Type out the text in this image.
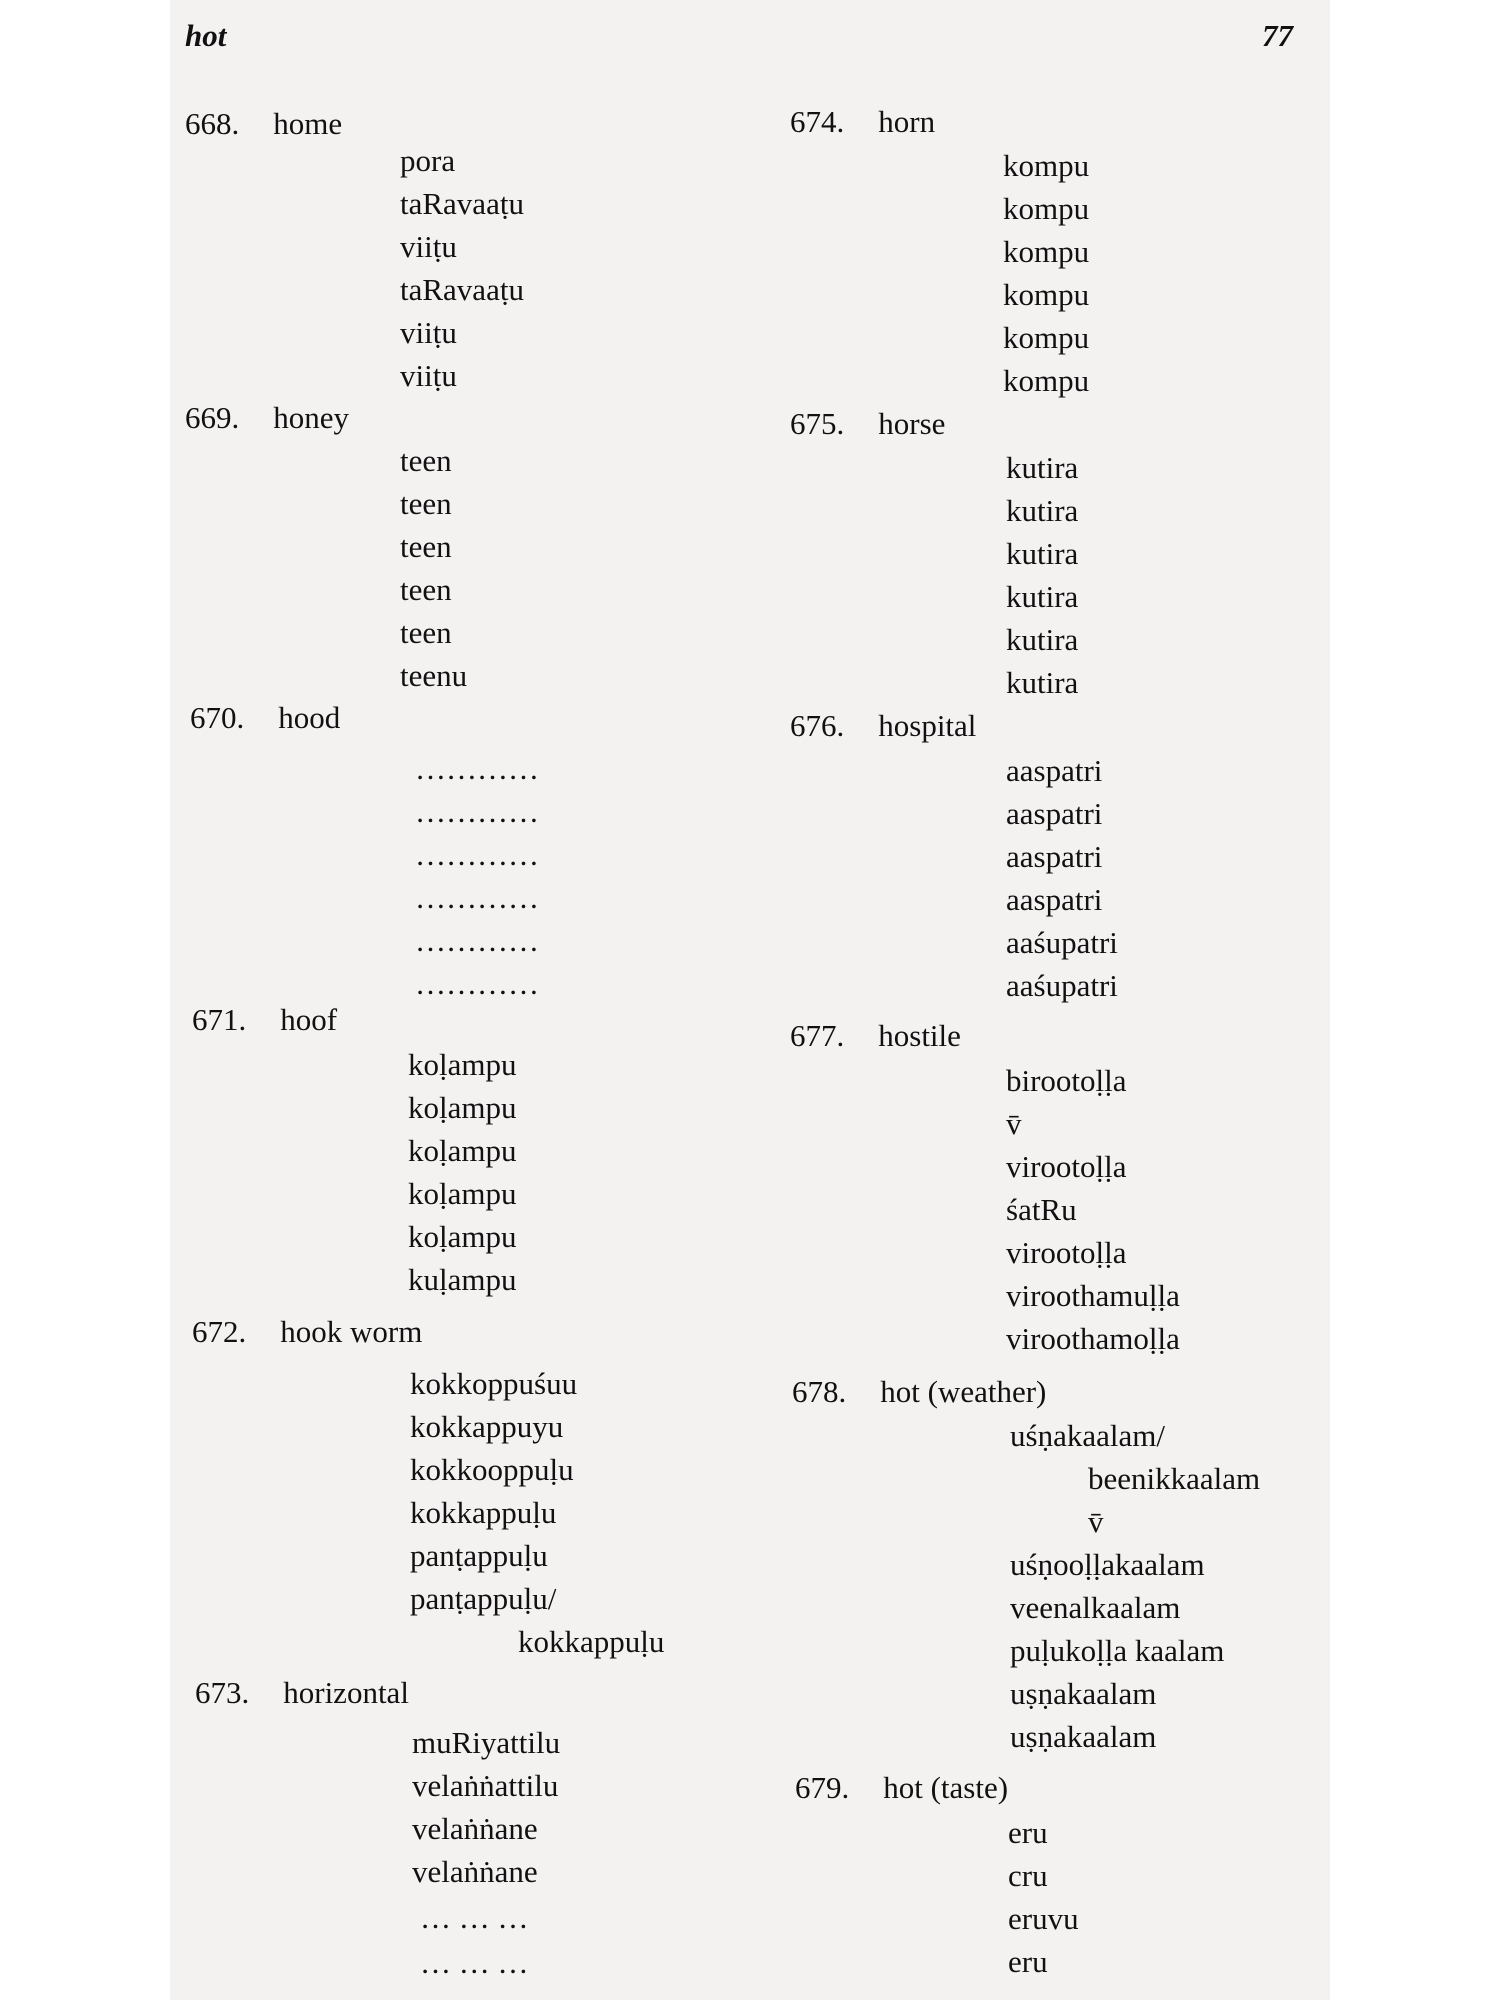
hot	77
668. home
pora
taRavaaṭu
viiṭu
taRavaaṭu
viiṭu
viiṭu
669. honey
teen
teen
teen
teen
teen
teenu
670. hood
…………
…………
…………
…………
…………
…………
671. hoof
koḷampu
koḷampu
koḷampu
koḷampu
koḷampu
kuḷampu
672. hook worm
kokkoppuśuu
kokkappuyu
kokkooppuḷu
kokkappuḷu
panṭappuḷu
panṭappuḷu/
kokkappuḷu
673. horizontal
muRiyattilu
velaṅṅattilu
velaṅṅane
velaṅṅane
… … …
… … …
674. horn
kompu
kompu
kompu
kompu
kompu
kompu
675. horse
kutira
kutira
kutira
kutira
kutira
kutira
676. hospital
aaspatri
aaspatri
aaspatri
aaspatri
aaśupatri
aaśupatri
677. hostile
birootoḷḷa
v̄
virootoḷḷa
śatRu
virootoḷḷa
viroothamuḷḷa
viroothamoḷḷa
678. hot (weather)
uśṇakaalam/
beenikkaalam
v̄
uśṇooḷḷakaalam
veenalkaalam
puḷukoḷḷa kaalam
uṣṇakaalam
uṣṇakaalam
679. hot (taste)
eru
cru
eruvu
eru
